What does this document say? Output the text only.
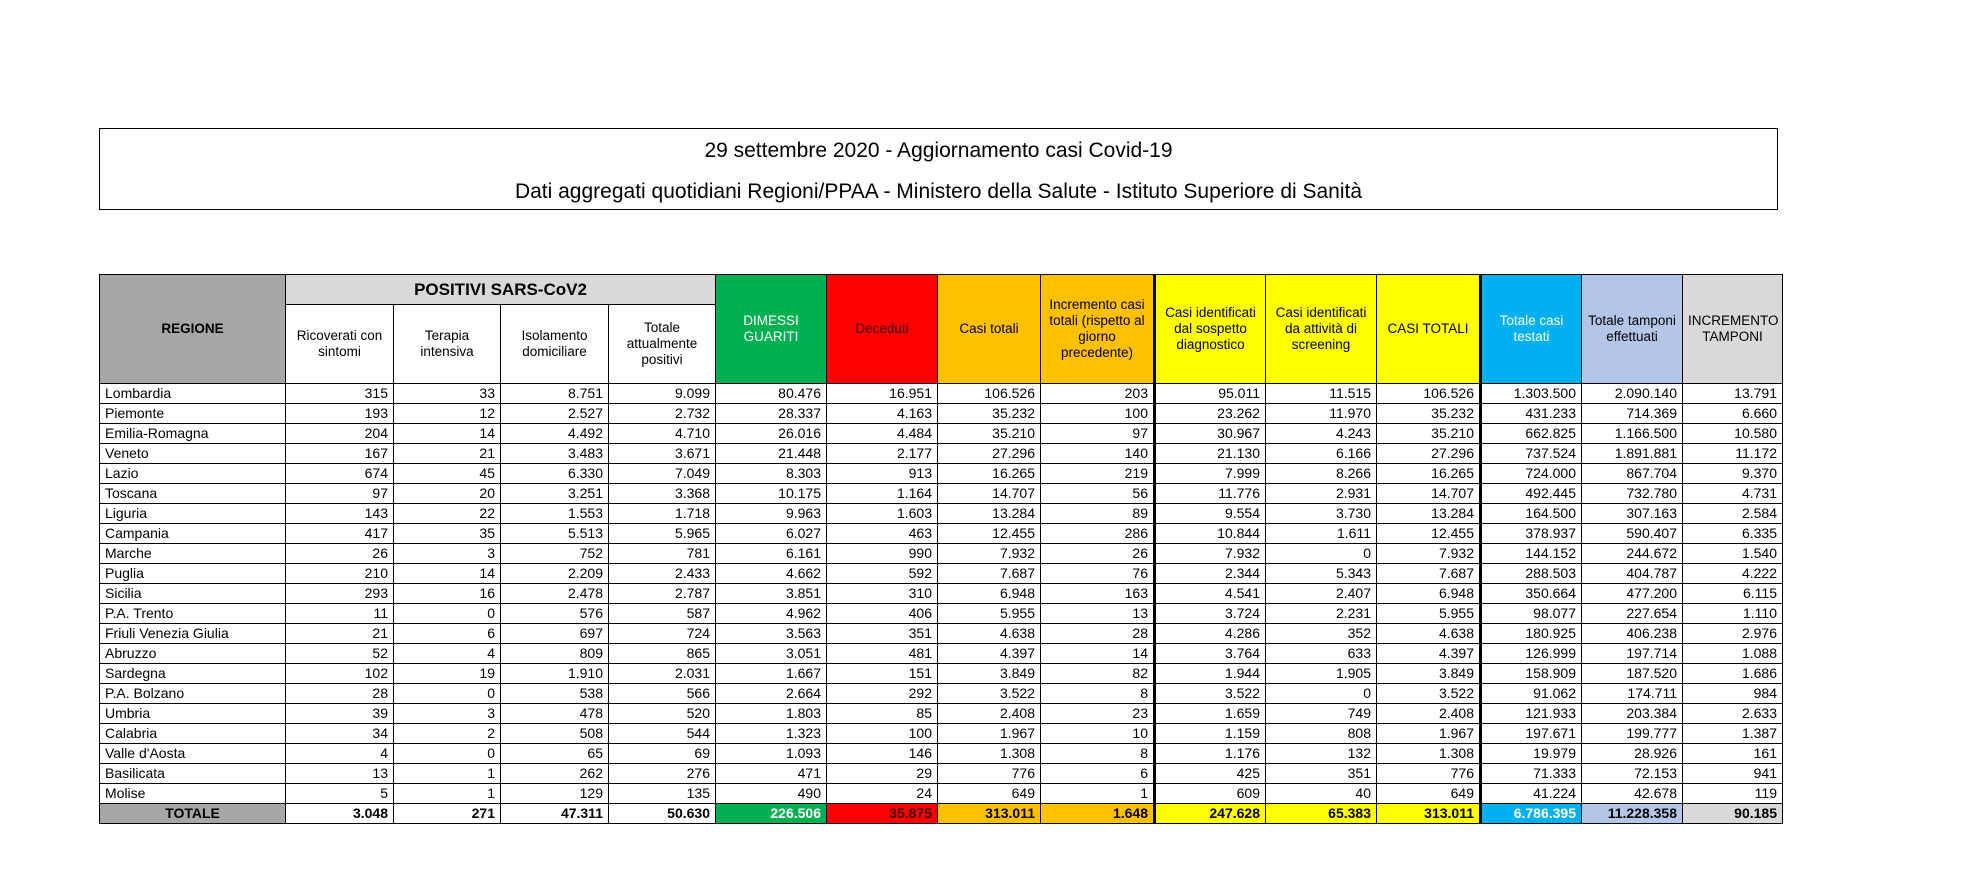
29 settembre 2020 - Aggiornamento casi Covid-19
Dati aggregati quotidiani Regioni/PPAA - Ministero della Salute - Istituto Superiore di Sanità
REGIONE	POSITIVI SARS-CoV2				DIMESSI GUARITI	Deceduti	Casi totali	Incremento casi totali (rispetto al giorno precedente)	Casi identificati dal sospetto diagnostico	Casi identificati da attività di screening	CASI TOTALI	Totale casi testati	Totale tamponi effettuati	INCREMENTO TAMPONI
	Ricoverati con sintomi	Terapia intensiva	Isolamento domiciliare	Totale attualmente positivi										
Lombardia	315	33	8.751	9.099	80.476	16.951	106.526	203	95.011	11.515	106.526	1.303.500	2.090.140	13.791
Piemonte	193	12	2.527	2.732	28.337	4.163	35.232	100	23.262	11.970	35.232	431.233	714.369	6.660
Emilia-Romagna	204	14	4.492	4.710	26.016	4.484	35.210	97	30.967	4.243	35.210	662.825	1.166.500	10.580
Veneto	167	21	3.483	3.671	21.448	2.177	27.296	140	21.130	6.166	27.296	737.524	1.891.881	11.172
Lazio	674	45	6.330	7.049	8.303	913	16.265	219	7.999	8.266	16.265	724.000	867.704	9.370
Toscana	97	20	3.251	3.368	10.175	1.164	14.707	56	11.776	2.931	14.707	492.445	732.780	4.731
Liguria	143	22	1.553	1.718	9.963	1.603	13.284	89	9.554	3.730	13.284	164.500	307.163	2.584
Campania	417	35	5.513	5.965	6.027	463	12.455	286	10.844	1.611	12.455	378.937	590.407	6.335
Marche	26	3	752	781	6.161	990	7.932	26	7.932	0	7.932	144.152	244.672	1.540
Puglia	210	14	2.209	2.433	4.662	592	7.687	76	2.344	5.343	7.687	288.503	404.787	4.222
Sicilia	293	16	2.478	2.787	3.851	310	6.948	163	4.541	2.407	6.948	350.664	477.200	6.115
P.A. Trento	11	0	576	587	4.962	406	5.955	13	3.724	2.231	5.955	98.077	227.654	1.110
Friuli Venezia Giulia	21	6	697	724	3.563	351	4.638	28	4.286	352	4.638	180.925	406.238	2.976
Abruzzo	52	4	809	865	3.051	481	4.397	14	3.764	633	4.397	126.999	197.714	1.088
Sardegna	102	19	1.910	2.031	1.667	151	3.849	82	1.944	1.905	3.849	158.909	187.520	1.686
P.A. Bolzano	28	0	538	566	2.664	292	3.522	8	3.522	0	3.522	91.062	174.711	984
Umbria	39	3	478	520	1.803	85	2.408	23	1.659	749	2.408	121.933	203.384	2.633
Calabria	34	2	508	544	1.323	100	1.967	10	1.159	808	1.967	197.671	199.777	1.387
Valle d'Aosta	4	0	65	69	1.093	146	1.308	8	1.176	132	1.308	19.979	28.926	161
Basilicata	13	1	262	276	471	29	776	6	425	351	776	71.333	72.153	941
Molise	5	1	129	135	490	24	649	1	609	40	649	41.224	42.678	119
TOTALE	3.048	271	47.311	50.630	226.506	35.875	313.011	1.648	247.628	65.383	313.011	6.786.395	11.228.358	90.185
